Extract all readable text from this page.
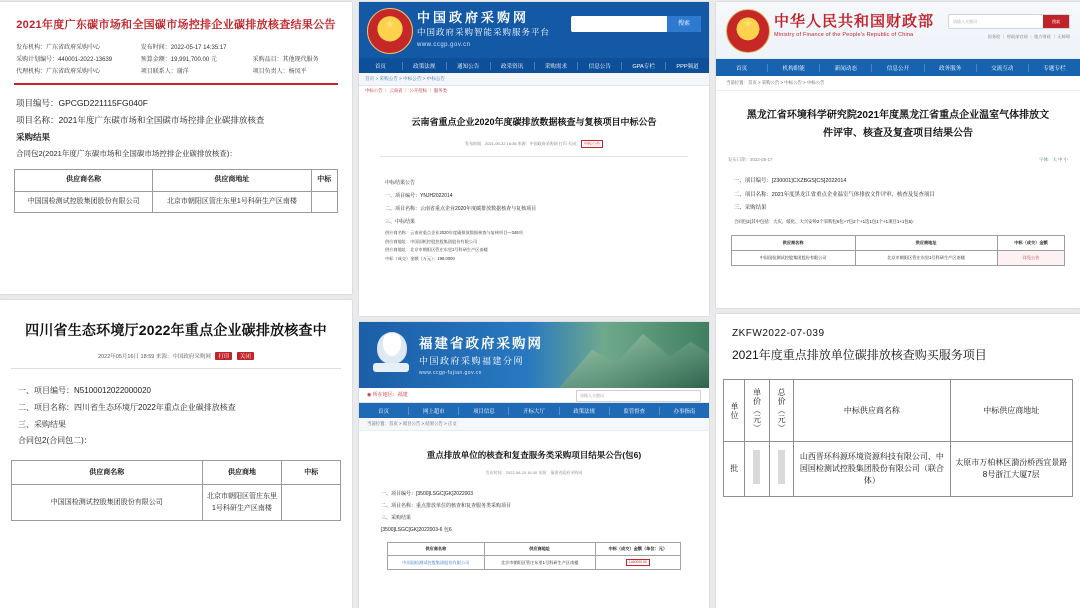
2021年度广东碳市场和全国碳市场控排企业碳排放核查结果公告
发布机构：广东省政府采购中心	发布时间：2022-05-17 14:35:17	
采购计划编号：440001-2022-13639	预算金额：19,991,700.00 元	采购品目：其他现代服务
代理机构：广东省政府采购中心	项目联系人：谢洋	项目负责人：杨凤平
项目编号：GPCGD221115FG040F
项目名称：2021年度广东碳市场和全国碳市场控排企业碳排放核查
采购结果
合同包2(2021年度广东碳市场和全国碳市场控排企业碳排放核查)：
供应商名称	供应商地址	中标
中国国检测试控股集团股份有限公司	北京市朝阳区管庄东里1号科研生产区南楼	
四川省生态环境厅2022年重点企业碳排放核查中
2022年05月16日 18:59 来源：中国政府采购网 打印 关闭
一、项目编号：N5100012022000020
二、项目名称：四川省生态环境厅2022年重点企业碳排放核查
三、采购结果
合同包2(合同包二)：
供应商名称	供应商地	中标
中国国检测试控股集团股份有限公司	北京市朝阳区管庄东里1号科研生产区南楼	
★
中国政府采购网
中国政府采购智能采购服务平台
www.ccgp.gov.cn
搜索
首页	政策法规	通知公告	政采资讯	采购需求	信息公告	GPA专栏	PPP频道
首页 > 采购公告 > 中标公告 > 中标公告
中标公告 ｜ 云南省 ｜ 公开招标 ｜ 服务类
云南省重点企业2020年度碳排放数据核查与复核项目中标公告
发布时间：2021-09-22 16:36 来源：中国政府采购网 打印 关闭 中标公告
中标结果公告
一、项目编号：YNJH2022014
二、项目名称：云南省重点企业2020年度碳排放数据核查与复核项目
三、中标结果
供应商名称：云南省重点企业2020年度碳排放数据核查与复核项目—346项
供应商地址：中国国机控股控股集团股份有限公司
供应商地址：北京市朝阳区管庄东里1号科研生产区南楼
中标（成交）金额（万元）：198.0000
福建省政府采购网
中国政府采购福建分网
www.ccgp-fujian.gov.cn
◉ 所在地区：福建	请输入关键词
首页	网上超市	项目信息	开标大厅	政策法规	监管督查	办事指南
当前位置：首页 > 项目公告 > 结果公告 > 正文
重点排放单位的核查和复查服务类采购项目结果公告(包6)
发布时间：2022-06-20 16:30 来源：福建省政府采购网
一、项目编号：[3500]LSGC[GK]2022003
二、项目名称：重点排放单位的核查和复查服务类采购项目
三、采购结果
[3500]LSGC[GK]2022003-6 包6
供应商名称	供应商地址	中标（成交）金额（单位：元）
中国国检测试控股集团股份有限公司	北京市朝阳区管庄东里1号科研生产区南楼	1440000.00
★
中华人民共和国财政部
Ministry of Finance of the People's Republic of China
请输入关键词	搜索
国务院 ｜ 财政部官网 ｜ 地方财政 ｜ 无障碍
首页	机构职能	新闻动态	信息公开	政务服务	交流互动	专题专栏
当前位置：首页 > 采购公告 > 中标公告 > 中标公告
黑龙江省环境科学研究院2021年度黑龙江省重点企业温室气体排放文件评审、核查及复查项目结果公告
发布日期：2022-05-17	字体：大 中 小
一、项目编号：[230001]CXZBGS[CS]2022014
二、项目名称：2021年度黑龙江省重点企业温室气体排放文件评审、核查及复查项目
三、采购结果
合同包2(其中包括：大庆、绥化、大兴安岭2个采购包6包+7包2个+1选1包1个+1项目1+1包5)：
供应商名称	供应商地址	中标（成交）金额
中国国检测试控股集团股份有限公司	北京市朝阳区管庄东里1号科研生产区南楼	详见公告
ZKFW2022-07-039
2021年度重点排放单位碳排放核查购买服务项目
单位	单价（元）	总价（元）	中标供应商名称	中标供应商地址
批			山西晋环科源环境资源科技有限公司、中国国检测试控股集团股份有限公司（联合体）	太原市万柏林区漪汾桥西宜景路8号浙江大厦7层
